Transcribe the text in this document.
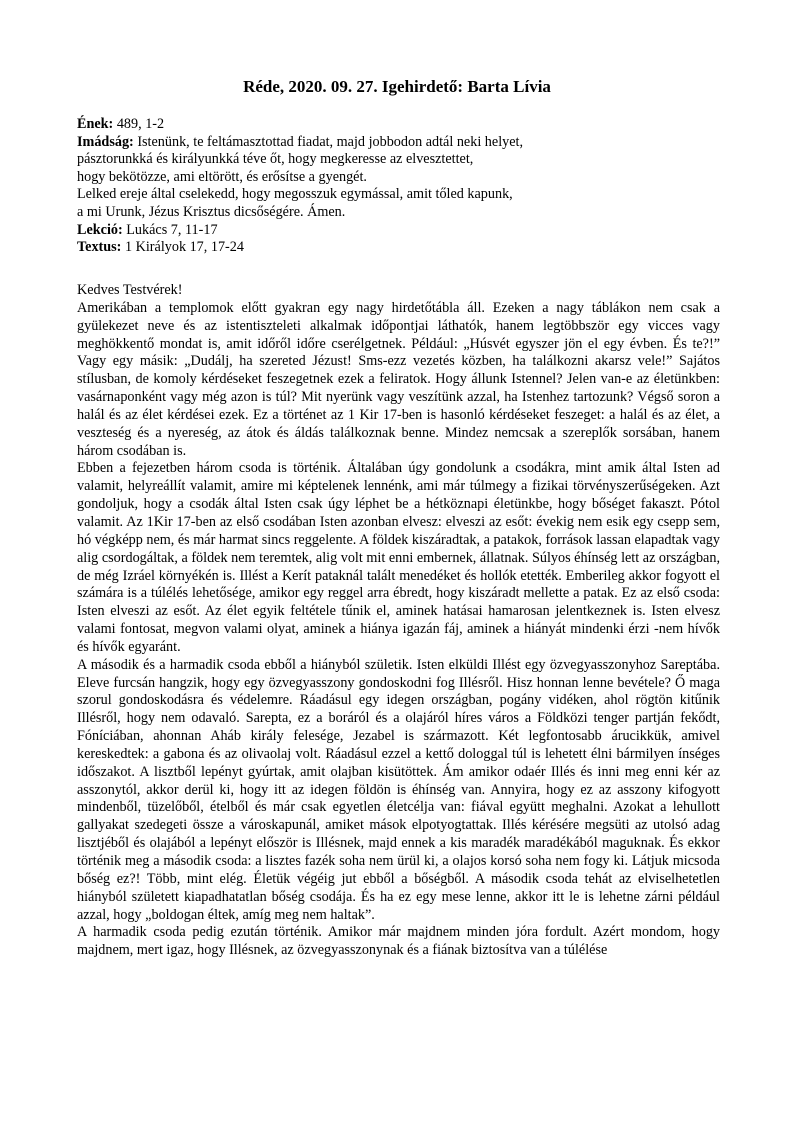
Réde, 2020. 09. 27. Igehirdető: Barta Lívia
Ének: 489, 1-2
Imádság: Istenünk, te feltámasztottad fiadat, majd jobbodon adtál neki helyet,
pásztorunkká és királyunkká téve őt, hogy megkeresse az elvesztettet,
hogy bekötözze, ami eltörött, és erősítse a gyengét.
Lelked ereje által cselekedd, hogy megosszuk egymással, amit tőled kapunk,
a mi Urunk, Jézus Krisztus dicsőségére. Ámen.
Lekció: Lukács 7, 11-17
Textus: 1 Királyok 17, 17-24
Kedves Testvérek!

Amerikában a templomok előtt gyakran egy nagy hirdetőtábla áll. Ezeken a nagy táblákon nem csak a gyülekezet neve és az istentiszteleti alkalmak időpontjai láthatók, hanem legtöbbször egy vicces vagy meghökkentő mondat is, amit időről időre cserélgetnek. Például: „Húsvét egyszer jön el egy évben. És te?!” Vagy egy másik: „Dudálj, ha szereted Jézust! Sms-ezz vezetés közben, ha találkozni akarsz vele!” Sajátos stílusban, de komoly kérdéseket feszegetnek ezek a feliratok. Hogy állunk Istennel? Jelen van-e az életünkben: vasárnaponként vagy még azon is túl? Mit nyerünk vagy veszítünk azzal, ha Istenhez tartozunk? Végső soron a halál és az élet kérdései ezek. Ez a történet az 1 Kir 17-ben is hasonló kérdéseket feszeget: a halál és az élet, a veszteség és a nyereség, az átok és áldás találkoznak benne. Mindez nemcsak a szereplők sorsában, hanem három csodában is.

Ebben a fejezetben három csoda is történik. Általában úgy gondolunk a csodákra, mint amik által Isten ad valamit, helyreállít valamit, amire mi képtelenek lennénk, ami már túlmegy a fizikai törvényszerűségeken. Azt gondoljuk, hogy a csodák által Isten csak úgy léphet be a hétköznapi életünkbe, hogy bőséget fakaszt. Pótol valamit. Az 1Kir 17-ben az első csodában Isten azonban elvesz: elveszi az esőt: évekig nem esik egy csepp sem, hó végképp nem, és már harmat sincs reggelente. A földek kiszáradtak, a patakok, források lassan elapadtak vagy alig csordogáltak, a földek nem teremtek, alig volt mit enni embernek, állatnak. Súlyos éhínség lett az országban, de még Izráel környékén is. Illést a Kerít pataknál talált menedéket és hollók etették. Emberileg akkor fogyott el számára is a túlélés lehetősége, amikor egy reggel arra ébredt, hogy kiszáradt mellette a patak. Ez az első csoda: Isten elveszi az esőt. Az élet egyik feltétele tűnik el, aminek hatásai hamarosan jelentkeznek is. Isten elvesz valami fontosat, megvon valami olyat, aminek a hiánya igazán fáj, aminek a hiányát mindenki érzi -nem hívők és hívők egyaránt.

A második és a harmadik csoda ebből a hiányból születik. Isten elküldi Illést egy özvegyasszonyhoz Sareptába. Eleve furcsán hangzik, hogy egy özvegyasszony gondoskodni fog Illésről. Hisz honnan lenne bevétele? Ő maga szorul gondoskodásra és védelemre. Ráadásul egy idegen országban, pogány vidéken, ahol rögtön kitűnik Illésről, hogy nem odavaló. Sarepta, ez a boráról és a olajáról híres város a Földközi tenger partján fekődt, Fóníciában, ahonnan Aháb király felesége, Jezabel is származott. Két legfontosabb árucikkük, amivel kereskedtek: a gabona és az olivaolaj volt. Ráadásul ezzel a kettő dologgal túl is lehetett élni bármilyen ínséges időszakot. A lisztből lepényt gyúrtak, amit olajban kisütöttek. Ám amikor odaér Illés és inni meg enni kér az asszonytól, akkor derül ki, hogy itt az idegen földön is éhínség van. Annyira, hogy ez az asszony kifogyott mindenből, tüzelőből, ételből és már csak egyetlen életcélja van: fiával együtt meghalni. Azokat a lehullott gallyakat szedegeti össze a városkapunál, amiket mások elpotyogtattak. Illés kérésére megsüti az utolsó adag lisztjéből és olajából a lepényt először is Illésnek, majd ennek a kis maradék maradékából maguknak. És ekkor történik meg a második csoda: a lisztes fazék soha nem ürül ki, a olajos korsó soha nem fogy ki. Látjuk micsoda bőség ez?! Több, mint elég. Életük végéig jut ebből a bőségből. A második csoda tehát az elviselhetetlen hiányból született kiapadhatatlan bőség csodája. És ha ez egy mese lenne, akkor itt le is lehetne zárni például azzal, hogy „boldogan éltek, amíg meg nem haltak”.

A harmadik csoda pedig ezután történik. Amikor már majdnem minden jóra fordult. Azért mondom, hogy majdnem, mert igaz, hogy Illésnek, az özvegyasszonynak és a fiának biztosítva van a túlélése
